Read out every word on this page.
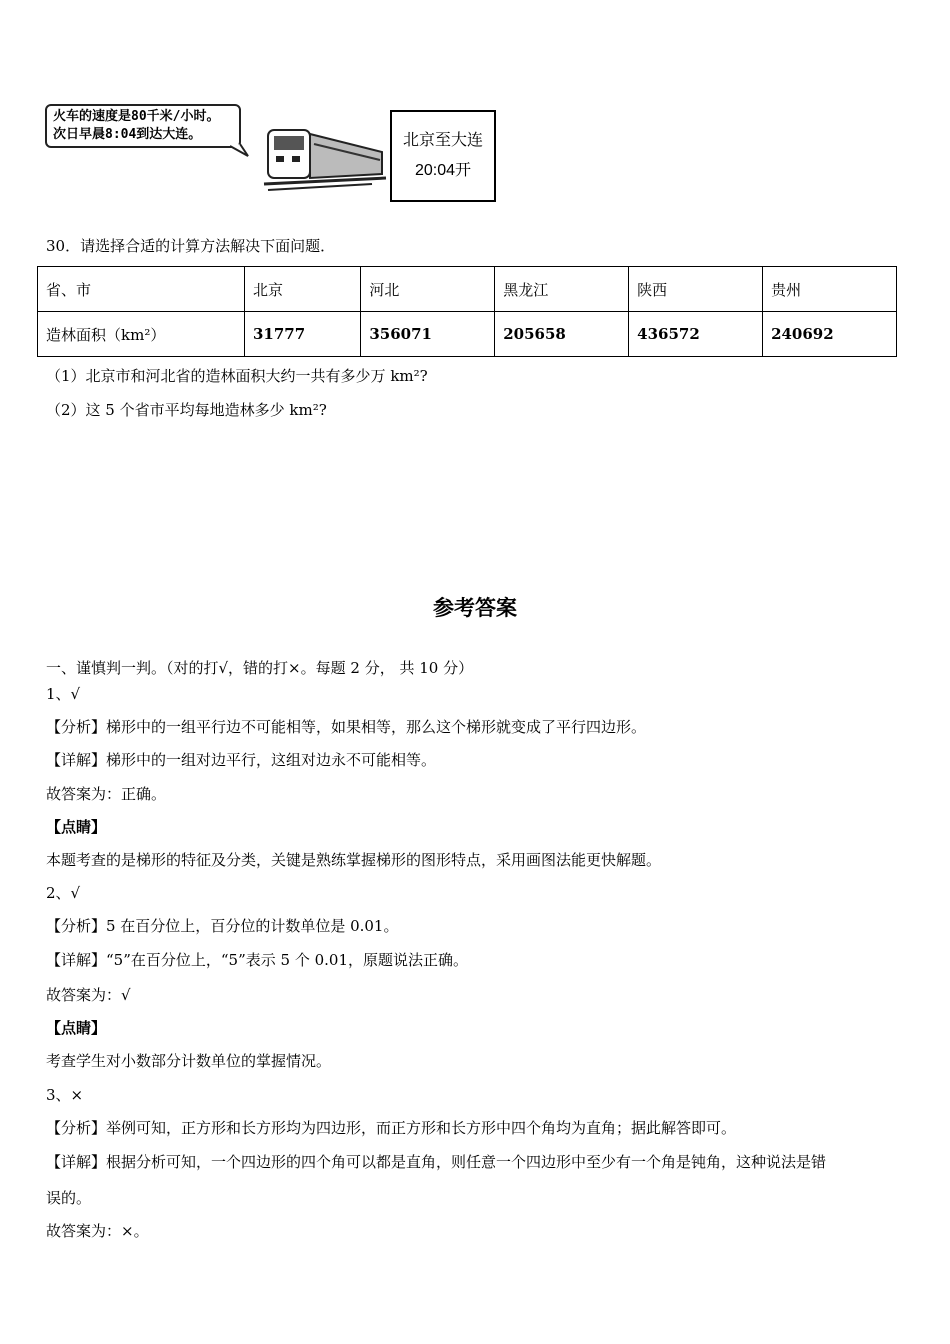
火车的速度是80千米/小时。
次日早晨8:04到达大连。	北京至大连
20:04开
30．请选择合适的计算方法解决下面问题．
省、市	北京	河北	黑龙江	陕西	贵州
造林面积（km²）	31777	356071	205658	436572	240692
（1）北京市和河北省的造林面积大约一共有多少万 km²?
（2）这 5 个省市平均每地造林多少 km²?
参考答案
一、谨慎判一判。（对的打√，错的打×。每题 2 分， 共 10 分）
1、√
【分析】梯形中的一组平行边不可能相等，如果相等，那么这个梯形就变成了平行四边形。
【详解】梯形中的一组对边平行，这组对边永不可能相等。
故答案为：正确。
【点睛】
本题考查的是梯形的特征及分类，关键是熟练掌握梯形的图形特点，采用画图法能更快解题。
2、√
【分析】5 在百分位上，百分位的计数单位是 0.01。
【详解】“5”在百分位上，“5”表示 5 个 0.01，原题说法正确。
故答案为：√
【点睛】
考查学生对小数部分计数单位的掌握情况。
3、×
【分析】举例可知，正方形和长方形均为四边形，而正方形和长方形中四个角均为直角；据此解答即可。
【详解】根据分析可知，一个四边形的四个角可以都是直角，则任意一个四边形中至少有一个角是钝角，这种说法是错
误的。
故答案为：×。
